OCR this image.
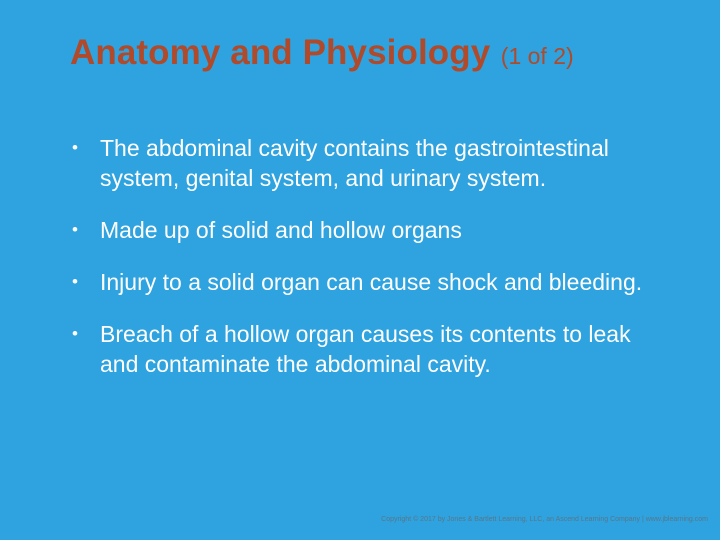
Anatomy and Physiology (1 of 2)
• The abdominal cavity contains the gastrointestinal system, genital system, and urinary system.
• Made up of solid and hollow organs
• Injury to a solid organ can cause shock and bleeding.
• Breach of a hollow organ causes its contents to leak and contaminate the abdominal cavity.
Copyright © 2017 by Jones & Bartlett Learning, LLC, an Ascend Learning Company | www.jblearning.com
